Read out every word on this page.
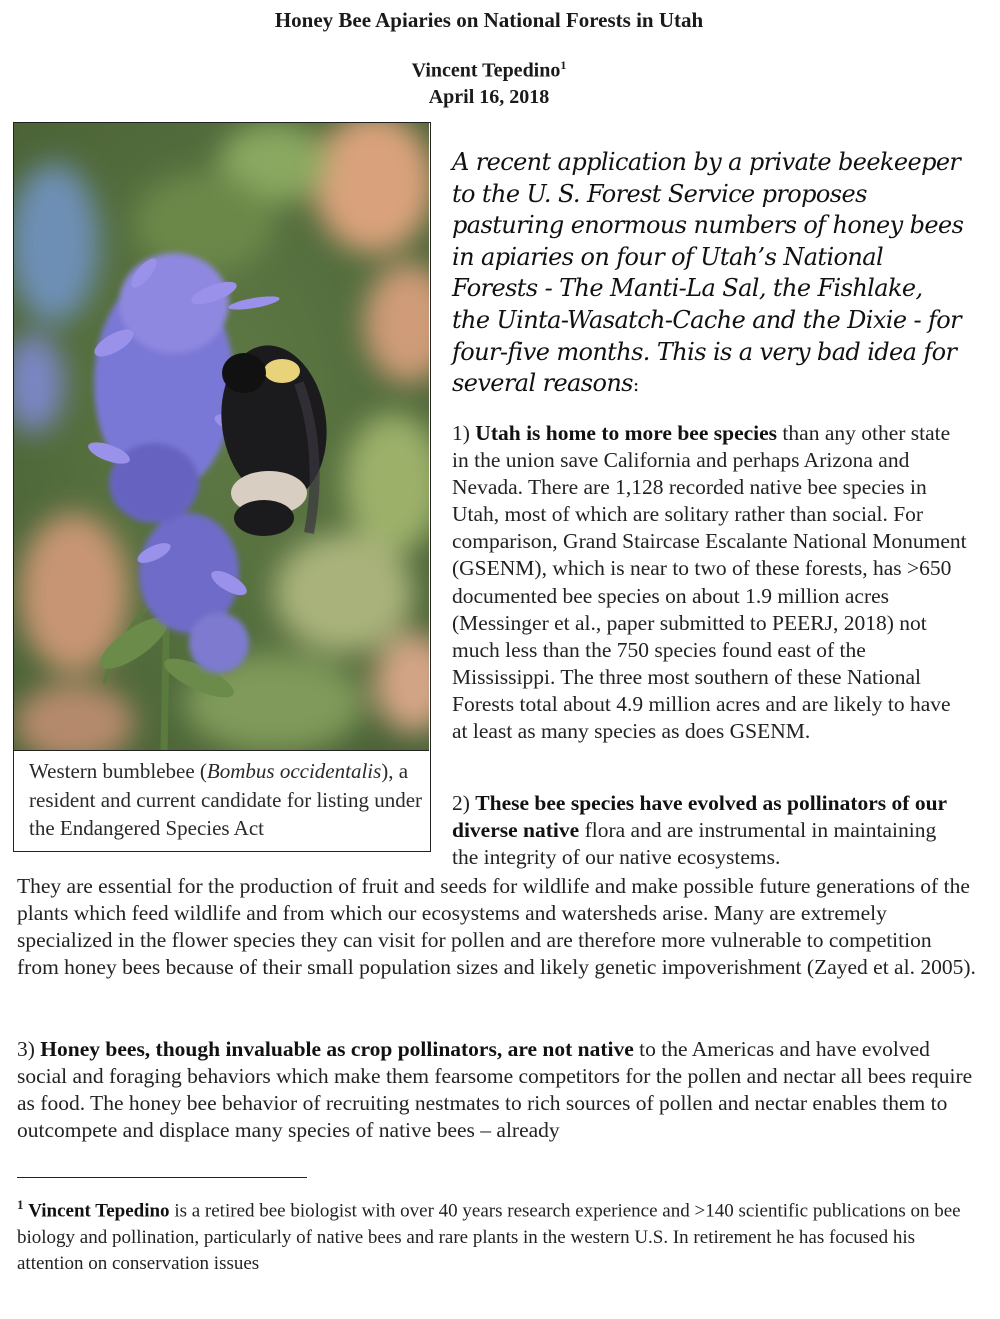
Honey Bee Apiaries on National Forests in Utah
Vincent Tepedino$^1$
April 16, 2018
Western bumblebee (Bombus occidentalis), a resident and current candidate for listing under the Endangered Species Act
A recent application by a private beekeeper to the U. S. Forest Service proposes pasturing enormous numbers of honey bees in apiaries on four of Utah’s National Forests - The Manti-La Sal, the Fishlake, the Uinta-Wasatch-Cache and the Dixie - for four-five months. This is a very bad idea for several reasons:
1) Utah is home to more bee species than any other state in the union save California and perhaps Arizona and Nevada. There are 1,128 recorded native bee species in Utah, most of which are solitary rather than social. For comparison, Grand Staircase Escalante National Monument (GSENM), which is near to two of these forests, has >650 documented bee species on about 1.9 million acres (Messinger et al., paper submitted to PEERJ, 2018) not much less than the 750 species found east of the Mississippi. The three most southern of these National Forests total about 4.9 million acres and are likely to have at least as many species as does GSENM.
2) These bee species have evolved as pollinators of our diverse native flora and are instrumental in maintaining the integrity of our native ecosystems.
They are essential for the production of fruit and seeds for wildlife and make possible future generations of the plants which feed wildlife and from which our ecosystems and watersheds arise. Many are extremely specialized in the flower species they can visit for pollen and are therefore more vulnerable to competition from honey bees because of their small population sizes and likely genetic impoverishment (Zayed et al. 2005).
3) Honey bees, though invaluable as crop pollinators, are not native to the Americas and have evolved social and foraging behaviors which make them fearsome competitors for the pollen and nectar all bees require as food. The honey bee behavior of recruiting nestmates to rich sources of pollen and nectar enables them to outcompete and displace many species of native bees – already
$^1$ Vincent Tepedino is a retired bee biologist with over 40 years research experience and >140 scientific publications on bee biology and pollination, particularly of native bees and rare plants in the western U.S. In retirement he has focused his attention on conservation issues
